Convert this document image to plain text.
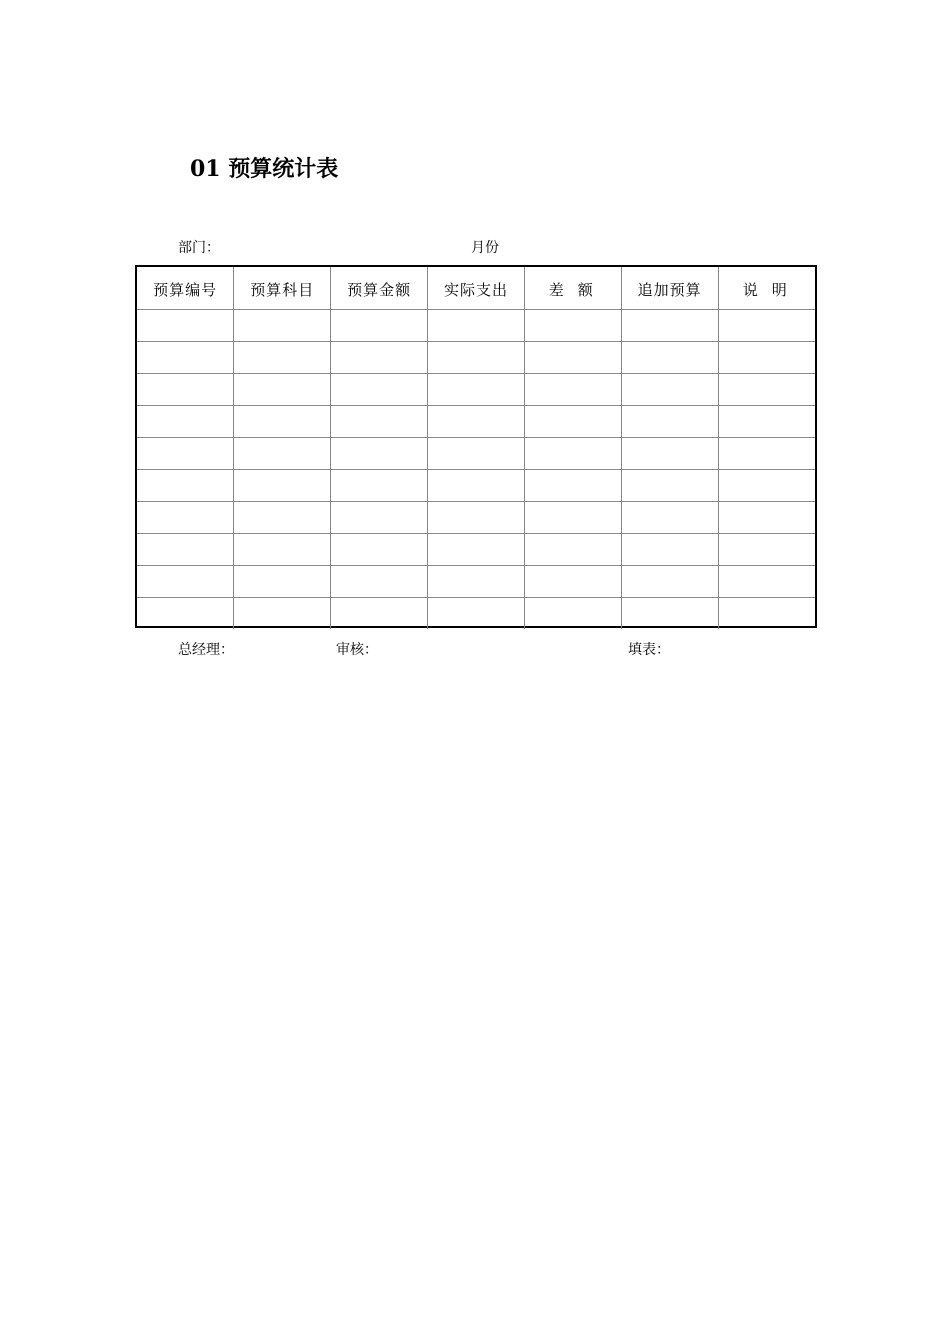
01 预算统计表
部门：	月份
预算编号	预算科目	预算金额	实际支出	差额	追加预算	说明

总经理：	审核：	填表：
